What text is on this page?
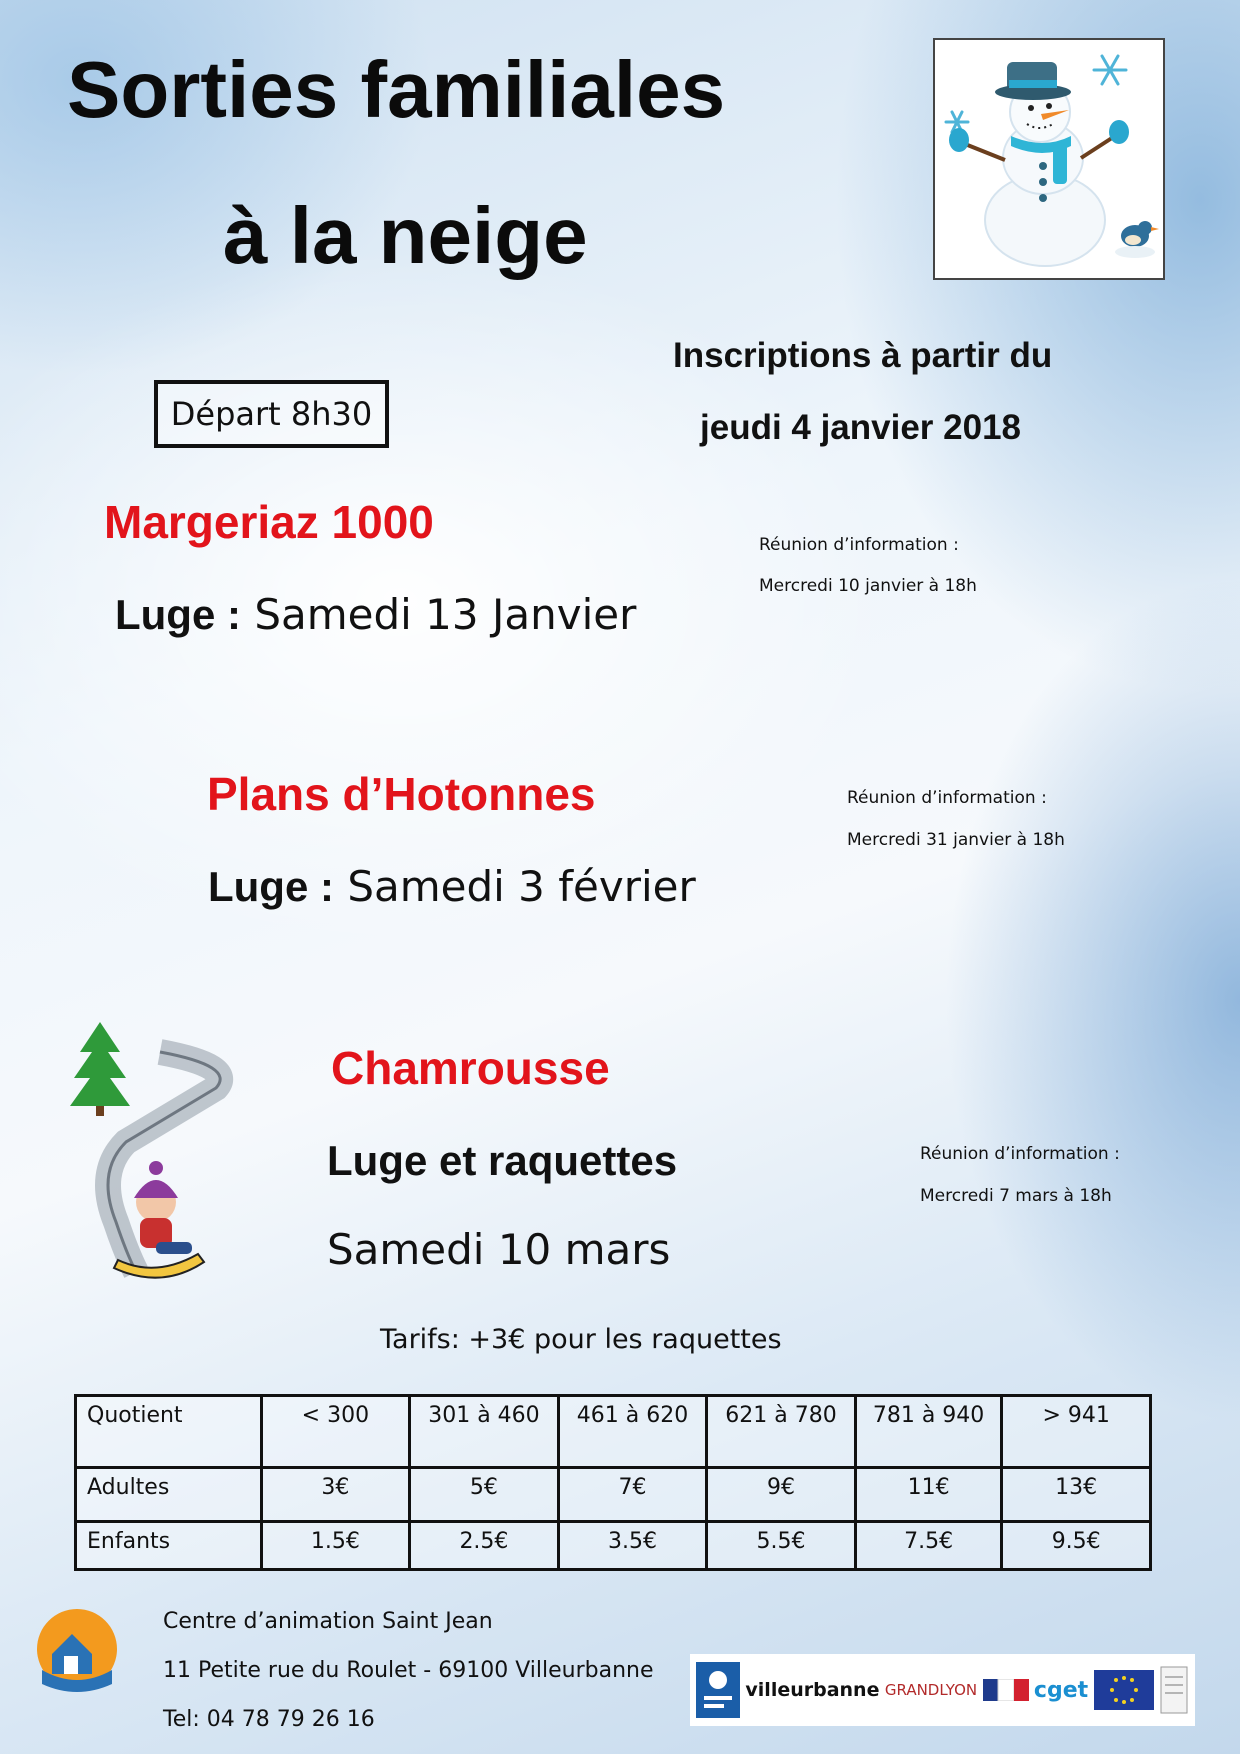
Sorties familiales
à la neige
Inscriptions à partir du
jeudi 4 janvier 2018
Départ 8h30
Margeriaz 1000
Luge : Samedi 13 Janvier
Réunion d’information :
Mercredi 10 janvier à 18h
Plans d’Hotonnes
Luge : Samedi 3 février
Réunion d’information :
Mercredi 31 janvier à 18h
Chamrousse
Luge et raquettes
Samedi 10 mars
Réunion d’information :
Mercredi 7 mars à 18h
Tarifs: +3€ pour les raquettes
Quotient	< 300	301 à 460	461 à 620	621 à 780	781 à 940	> 941
Adultes	3€	5€	7€	9€	11€	13€
Enfants	1.5€	2.5€	3.5€	5.5€	7.5€	9.5€
Centre d’animation Saint Jean
11 Petite rue du Roulet - 69100 Villeurbanne
Tel: 04 78 79 26 16
villeurbanne GRANDLYON	cget
